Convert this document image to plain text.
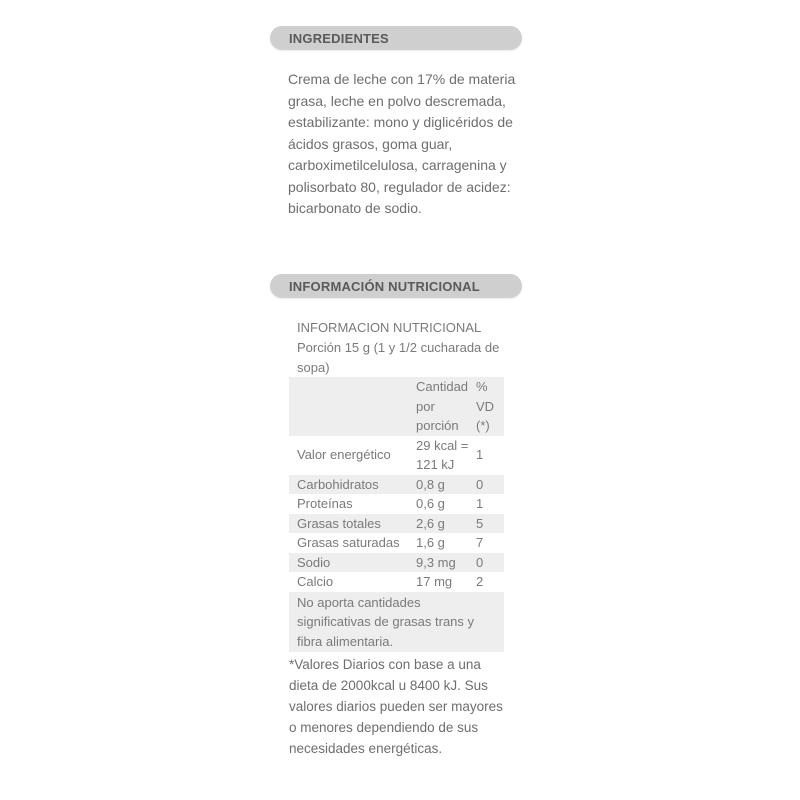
INGREDIENTES
Crema de leche con 17% de materia grasa, leche en polvo descremada, estabilizante: mono y diglicéridos de ácidos grasos, goma guar, carboximetilcelulosa, carragenina y polisorbato 80, regulador de acidez: bicarbonato de sodio.
INFORMACIÓN NUTRICIONAL
INFORMACION NUTRICIONAL
Porción 15 g (1 y 1/2 cucharada de sopa)
	Cantidad por porción	% VD (*)
Valor energético	29 kcal = 121 kJ	1
Carbohidratos	0,8 g	0
Proteínas	0,6 g	1
Grasas totales	2,6 g	5
Grasas saturadas	1,6 g	7
Sodio	9,3 mg	0
Calcio	17 mg	2
No aporta cantidades significativas de grasas trans y fibra alimentaria.		
*Valores Diarios con base a una dieta de 2000kcal u 8400 kJ. Sus valores diarios pueden ser mayores o menores dependiendo de sus necesidades energéticas.
